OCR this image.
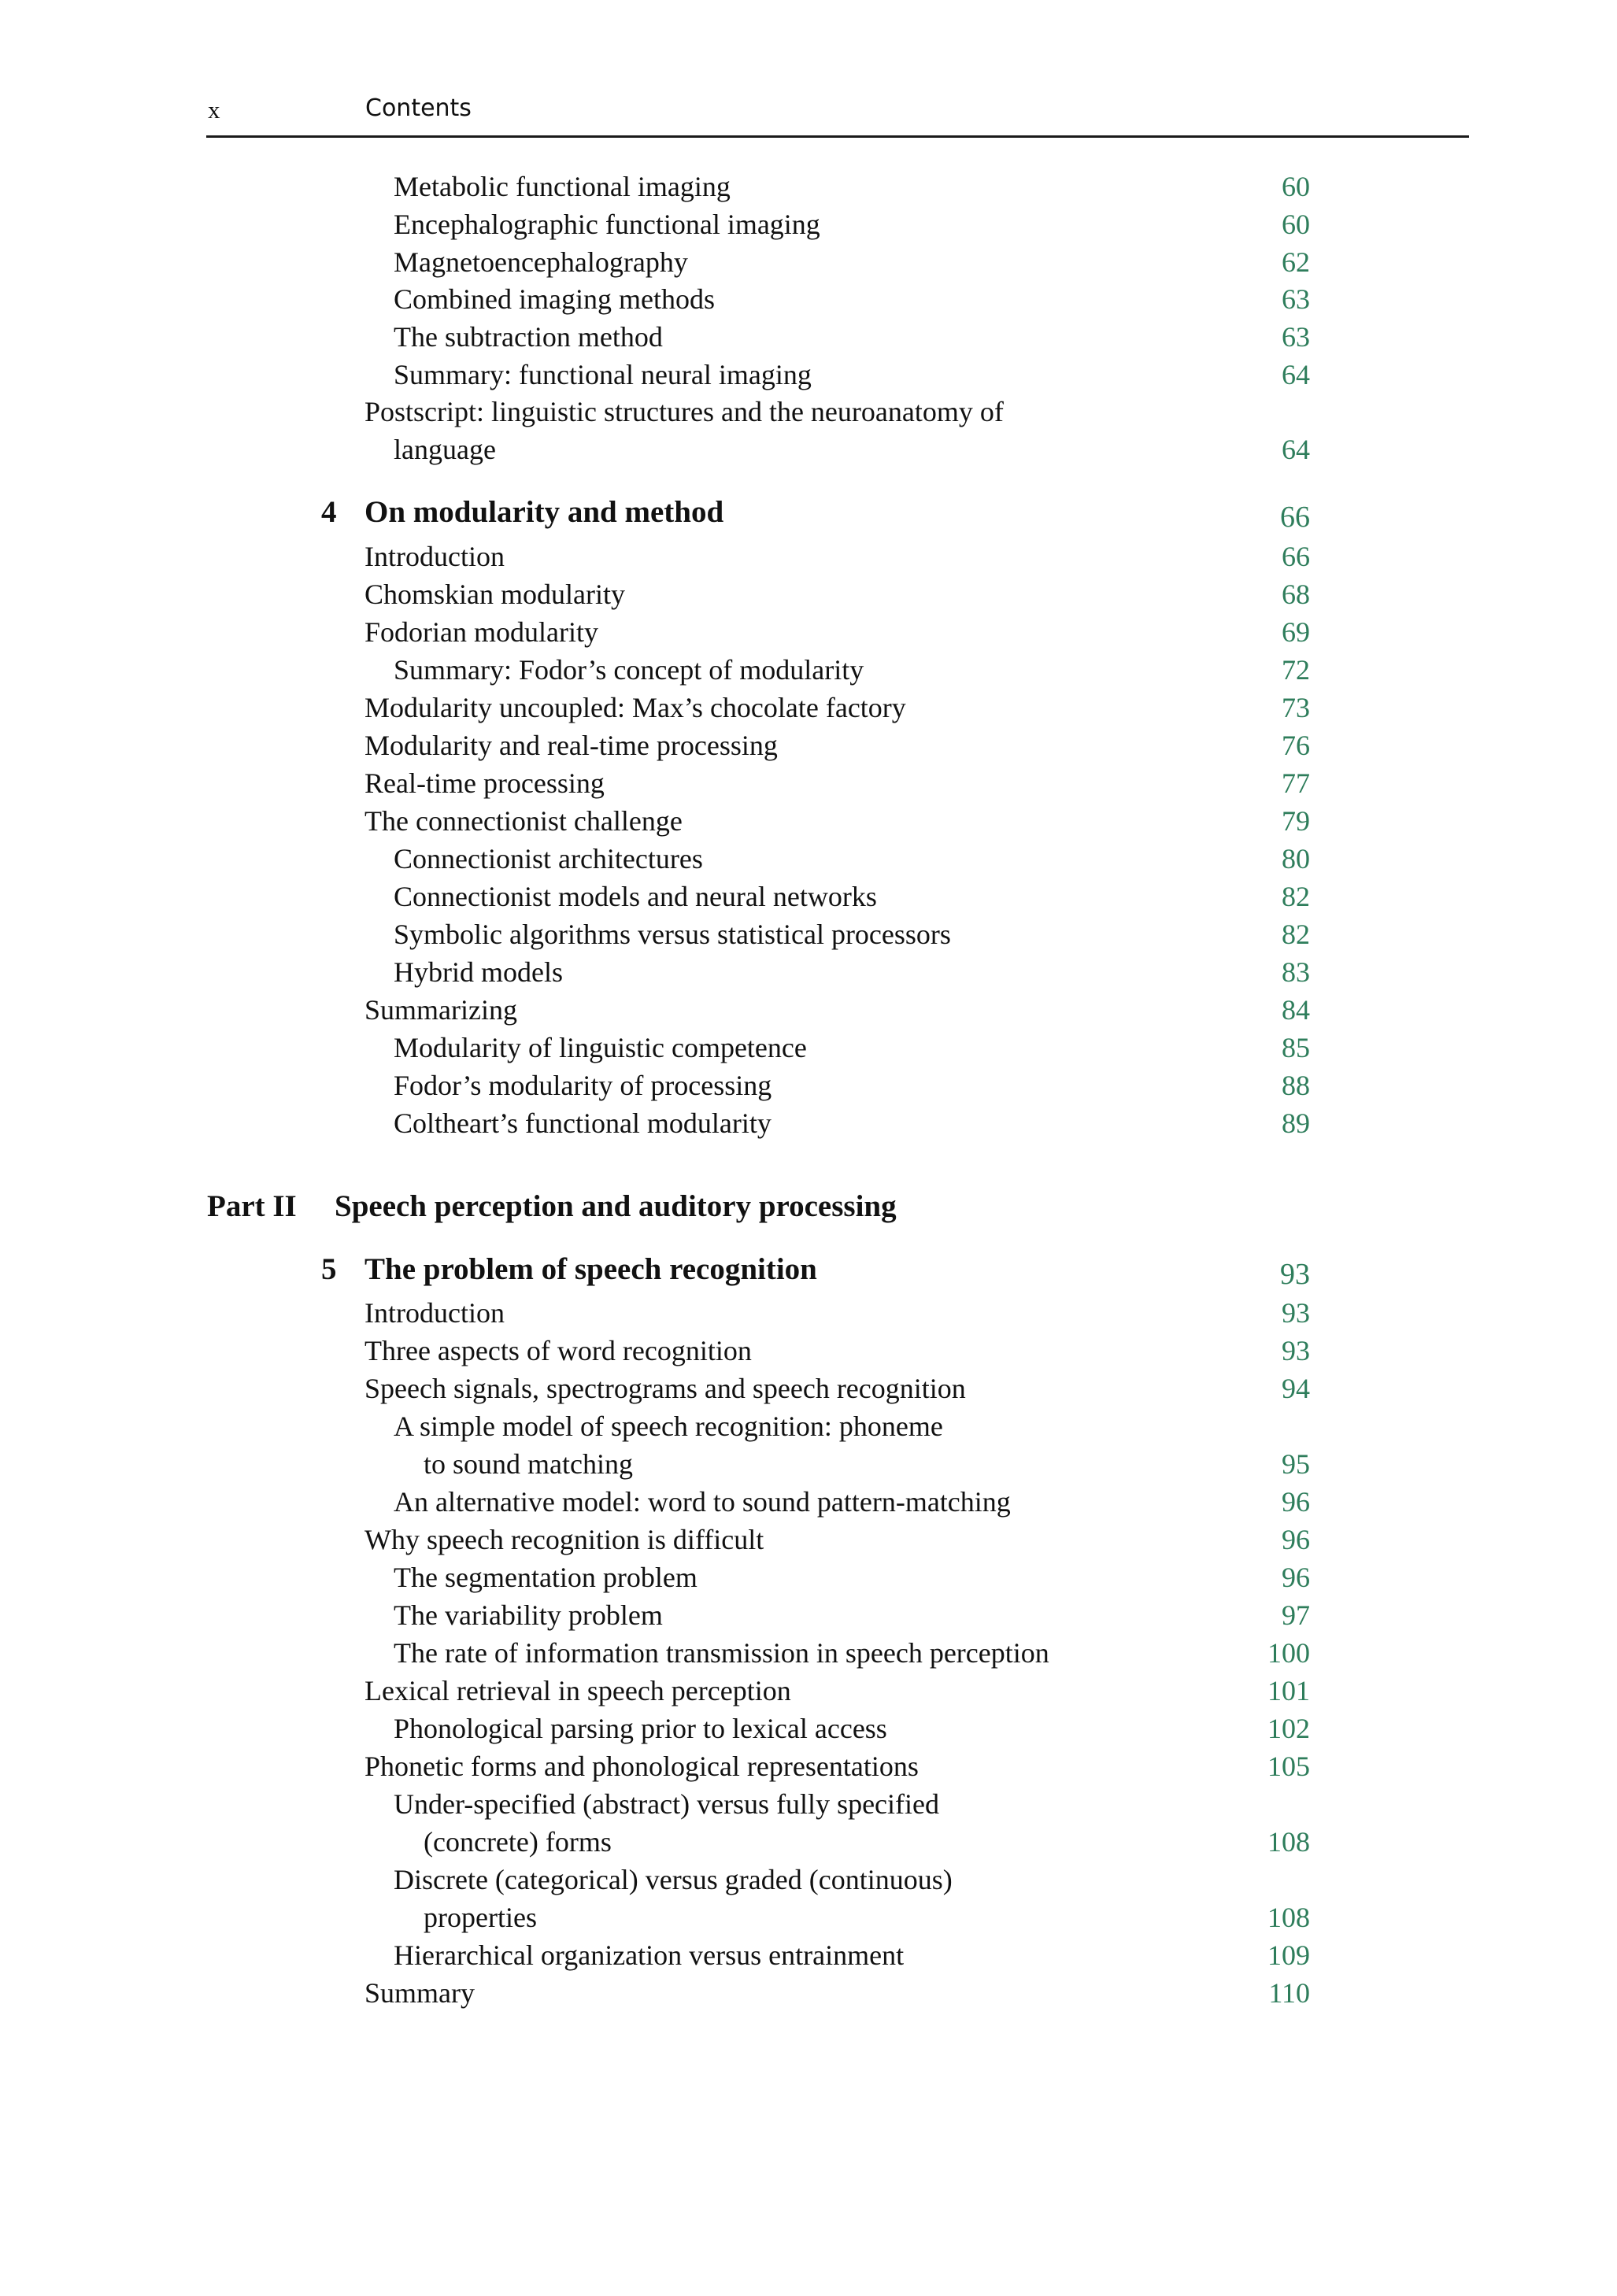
x	Contents
Metabolic functional imaging	60
Encephalographic functional imaging	60
Magnetoencephalography	62
Combined imaging methods	63
The subtraction method	63
Summary: functional neural imaging	64
Postscript: linguistic structures and the neuroanatomy of
language	64
4 On modularity and method	66
Introduction	66
Chomskian modularity	68
Fodorian modularity	69
Summary: Fodor’s concept of modularity	72
Modularity uncoupled: Max’s chocolate factory	73
Modularity and real-time processing	76
Real-time processing	77
The connectionist challenge	79
Connectionist architectures	80
Connectionist models and neural networks	82
Symbolic algorithms versus statistical processors	82
Hybrid models	83
Summarizing	84
Modularity of linguistic competence	85
Fodor’s modularity of processing	88
Coltheart’s functional modularity	89
Part II Speech perception and auditory processing
5 The problem of speech recognition	93
Introduction	93
Three aspects of word recognition	93
Speech signals, spectrograms and speech recognition	94
A simple model of speech recognition: phoneme
to sound matching	95
An alternative model: word to sound pattern-matching	96
Why speech recognition is difficult	96
The segmentation problem	96
The variability problem	97
The rate of information transmission in speech perception	100
Lexical retrieval in speech perception	101
Phonological parsing prior to lexical access	102
Phonetic forms and phonological representations	105
Under-specified (abstract) versus fully specified
(concrete) forms	108
Discrete (categorical) versus graded (continuous)
properties	108
Hierarchical organization versus entrainment	109
Summary	110
